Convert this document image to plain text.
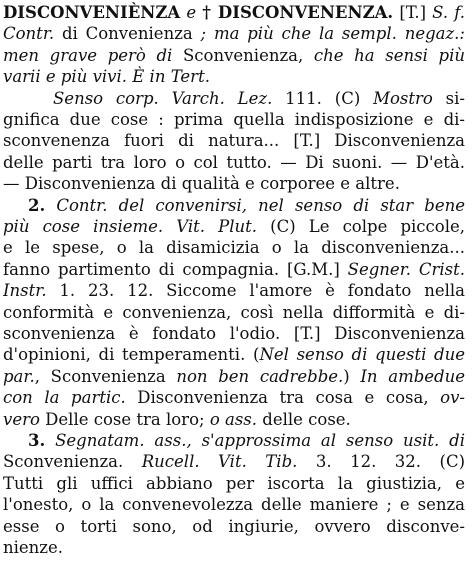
DISCONVENIÈNZA e † DISCONVENENZA. [T.] S. f.
Contr. di Convenienza ; ma più che la sempl. negaz.:
men grave però di Sconvenienza, che ha sensi più
varii e più vivi. È in Tert.
Senso corp. Varch. Lez. 111. (C) Mostro si-
gnifica due cose : prima quella indisposizione e di-
sconvenenza fuori di natura... [T.] Disconvenienza
delle parti tra loro o col tutto. — Di suoni. — D'età.
— Disconvenienza di qualità e corporee e altre.
2. Contr. del convenirsi, nel senso di star bene
più cose insieme. Vit. Plut. (C) Le colpe piccole,
e le spese, o la disamicizia o la disconvenienza...
fanno partimento di compagnia. [G.M.] Segner. Crist.
Instr. 1. 23. 12. Siccome l'amore è fondato nella
conformità e convenienza, così nella difformità e di-
sconvenienza è fondato l'odio. [T.] Disconvenienza
d'opinioni, di temperamenti. (Nel senso di questi due
par., Sconvenienza non ben cadrebbe.) In ambedue
con la partic. Disconvenienza tra cosa e cosa, ov-
vero Delle cose tra loro; o ass. delle cose.
3. Segnatam. ass., s'approssima al senso usit. di
Sconvenienza. Rucell. Vit. Tib. 3. 12. 32. (C)
Tutti gli uffici abbiano per iscorta la giustizia, e
l'onesto, o la convenevolezza delle maniere ; e senza
esse o torti sono, od ingiurie, ovvero disconve-
nienze.
